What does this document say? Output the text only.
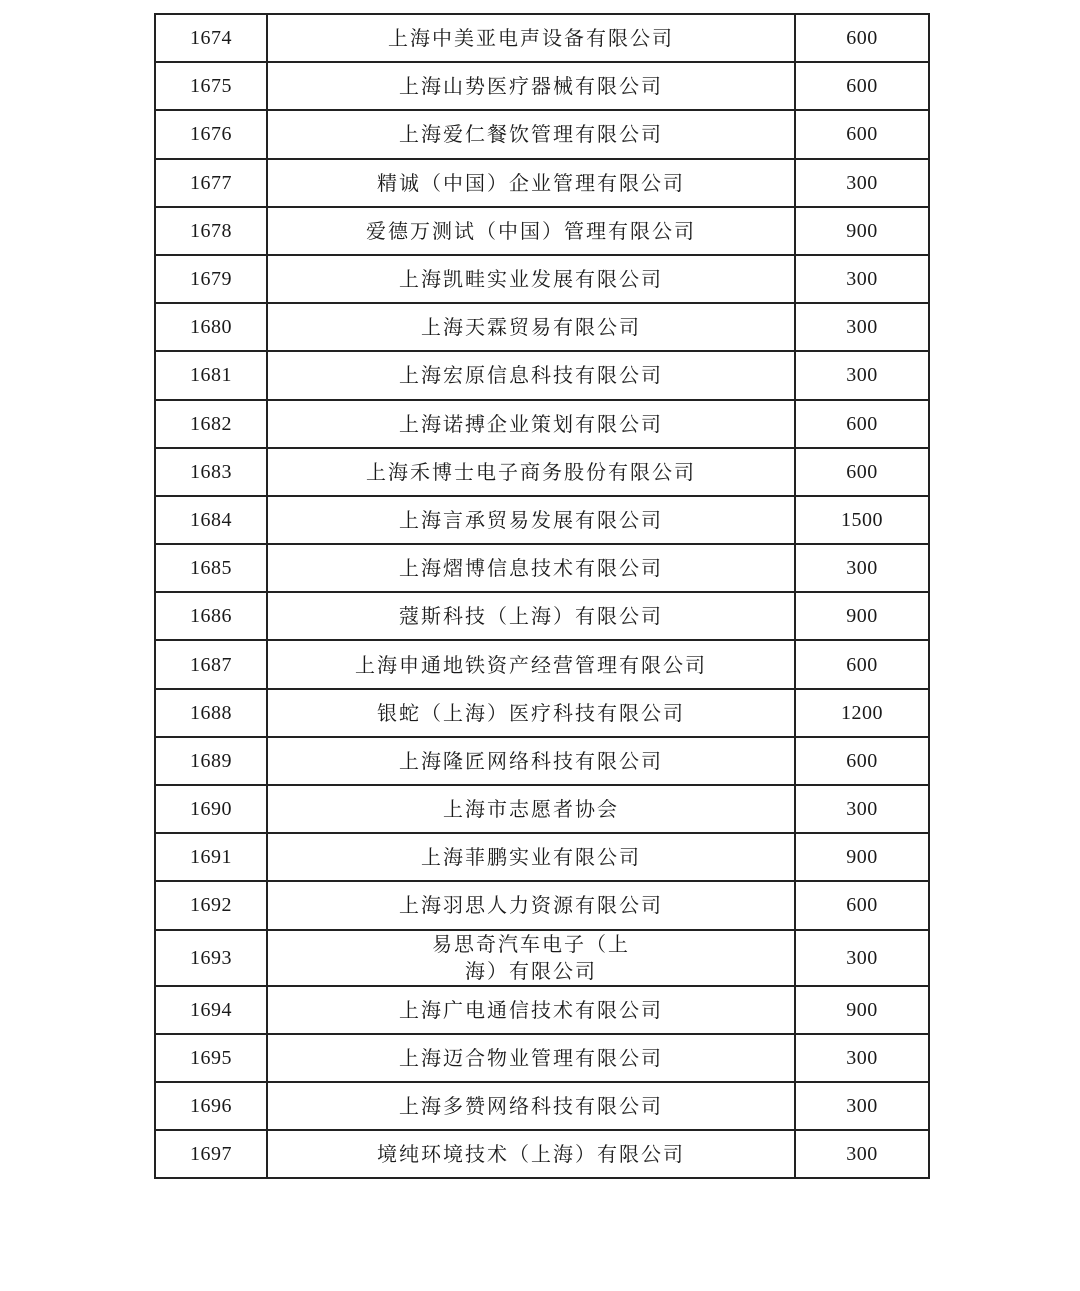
1674	上海中美亚电声设备有限公司	600
1675	上海山势医疗器械有限公司	600
1676	上海爱仁餐饮管理有限公司	600
1677	精诚（中国）企业管理有限公司	300
1678	爱德万测试（中国）管理有限公司	900
1679	上海凯畦实业发展有限公司	300
1680	上海天霖贸易有限公司	300
1681	上海宏原信息科技有限公司	300
1682	上海诺搏企业策划有限公司	600
1683	上海禾博士电子商务股份有限公司	600
1684	上海言承贸易发展有限公司	1500
1685	上海熠博信息技术有限公司	300
1686	蔻斯科技（上海）有限公司	900
1687	上海申通地铁资产经营管理有限公司	600
1688	银蛇（上海）医疗科技有限公司	1200
1689	上海隆匠网络科技有限公司	600
1690	上海市志愿者协会	300
1691	上海菲鹏实业有限公司	900
1692	上海羽思人力资源有限公司	600
1693	易思奇汽车电子（上海）有限公司	300
1694	上海广电通信技术有限公司	900
1695	上海迈合物业管理有限公司	300
1696	上海多赞网络科技有限公司	300
1697	境纯环境技术（上海）有限公司	300
